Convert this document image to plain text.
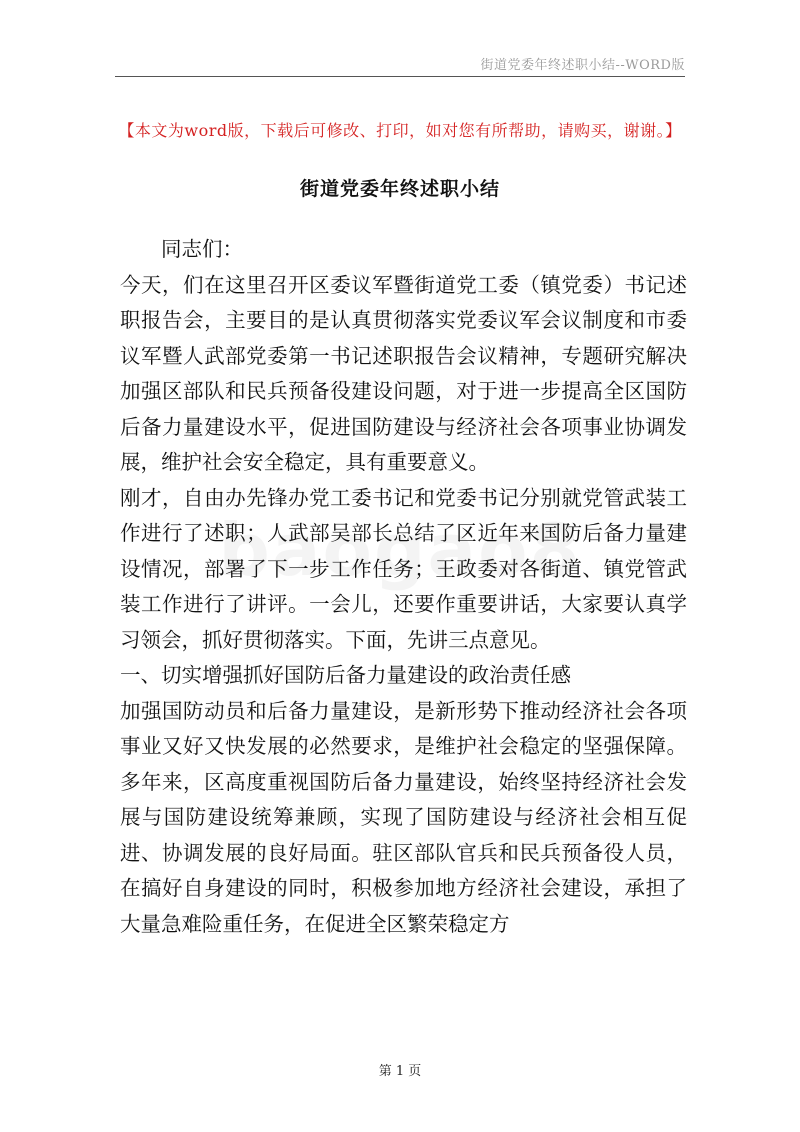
街道党委年终述职小结--WORD版
【本文为word版，下载后可修改、打印，如对您有所帮助，请购买，谢谢。】
街道党委年终述职小结

同志们：

今天，们在这里召开区委议军暨街道党工委（镇党委）书记述职报告会，主要目的是认真贯彻落实党委议军会议制度和市委议军暨人武部党委第一书记述职报告会议精神，专题研究解决加强区部队和民兵预备役建设问题，对于进一步提高全区国防后备力量建设水平，促进国防建设与经济社会各项事业协调发展，维护社会安全稳定，具有重要意义。

刚才，自由办先锋办党工委书记和党委书记分别就党管武装工作进行了述职；人武部吴部长总结了区近年来国防后备力量建设情况，部署了下一步工作任务；王政委对各街道、镇党管武装工作进行了讲评。一会儿，还要作重要讲话，大家要认真学习领会，抓好贯彻落实。下面，先讲三点意见。

一、切实增强抓好国防后备力量建设的政治责任感

加强国防动员和后备力量建设，是新形势下推动经济社会各项事业又好又快发展的必然要求，是维护社会稳定的坚强保障。多年来，区高度重视国防后备力量建设，始终坚持经济社会发展与国防建设统筹兼顾，实现了国防建设与经济社会相互促进、协调发展的良好局面。驻区部队官兵和民兵预备役人员，在搞好自身建设的同时，积极参加地方经济社会建设，承担了大量急难险重任务，在促进全区繁荣稳定方

第 1 页
